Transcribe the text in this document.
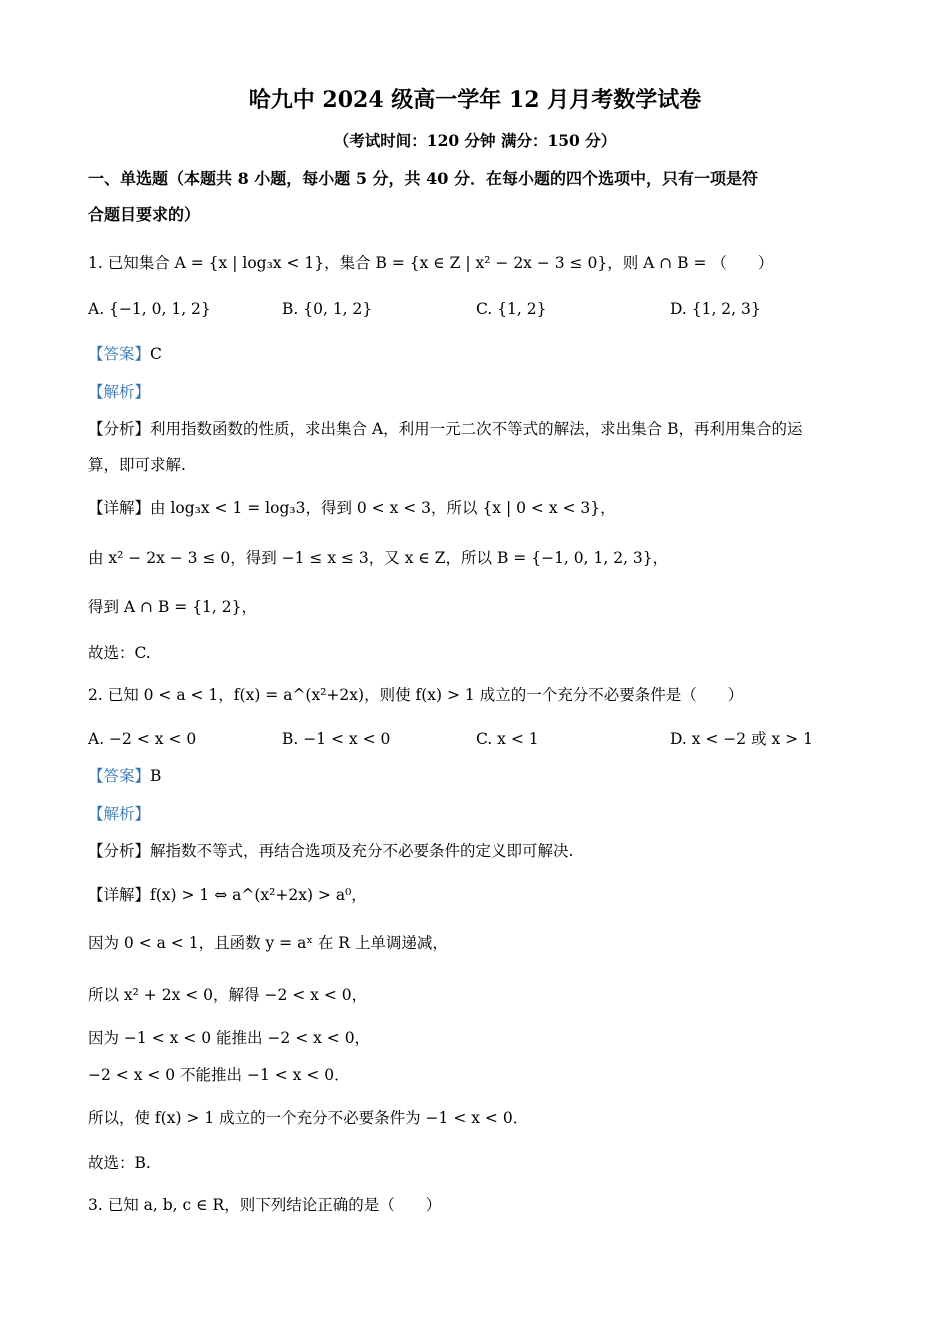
哈九中 2024 级高一学年 12 月月考数学试卷
（考试时间：120 分钟 满分：150 分）
一、单选题（本题共 8 小题，每小题 5 分，共 40 分．在每小题的四个选项中，只有一项是符
合题目要求的）
1. 已知集合 A = {x | log₃x < 1}，集合 B = {x ∈ Z | x² − 2x − 3 ≤ 0}，则 A ∩ B = （　　）
A. {−1, 0, 1, 2}	B. {0, 1, 2}	C. {1, 2}	D. {1, 2, 3}
【答案】C
【解析】
【分析】利用指数函数的性质，求出集合 A，利用一元二次不等式的解法，求出集合 B，再利用集合的运
算，即可求解.
【详解】由 log₃x < 1 = log₃3，得到 0 < x < 3，所以 {x | 0 < x < 3}，
由 x² − 2x − 3 ≤ 0，得到 −1 ≤ x ≤ 3，又 x ∈ Z，所以 B = {−1, 0, 1, 2, 3}，
得到 A ∩ B = {1, 2}，
故选：C.
2. 已知 0 < a < 1，f(x) = a^(x²+2x)，则使 f(x) > 1 成立的一个充分不必要条件是（　　）
A. −2 < x < 0	B. −1 < x < 0	C. x < 1	D. x < −2 或 x > 1
【答案】B
【解析】
【分析】解指数不等式，再结合选项及充分不必要条件的定义即可解决.
【详解】f(x) > 1 ⇔ a^(x²+2x) > a⁰，
因为 0 < a < 1，且函数 y = aˣ 在 R 上单调递减，
所以 x² + 2x < 0，解得 −2 < x < 0，
因为 −1 < x < 0 能推出 −2 < x < 0，
−2 < x < 0 不能推出 −1 < x < 0．
所以，使 f(x) > 1 成立的一个充分不必要条件为 −1 < x < 0．
故选：B.
3. 已知 a, b, c ∈ R，则下列结论正确的是（　　）
